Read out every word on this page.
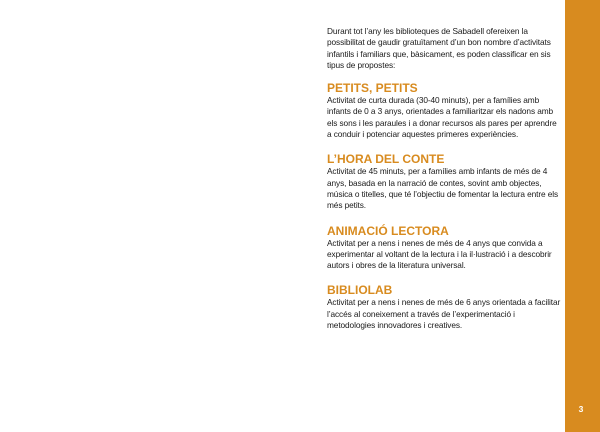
3

Durant tot l’any les biblioteques de Sabadell ofereixen la possibilitat de gaudir gratuïtament d’un bon nombre d’activitats infantils i familiars que, bàsicament, es poden classificar en sis tipus de propostes:

PETITS, PETITS

Activitat de curta durada (30-40 minuts), per a famílies amb infants de 0 a 3 anys, orientades a familiaritzar els nadons amb els sons i les paraules i a donar recursos als pares per aprendre a conduir i potenciar aquestes primeres experiències.

L’HORA DEL CONTE

Activitat de 45 minuts, per a famílies amb infants de més de 4 anys, basada en la narració de contes, sovint amb objectes, música o titelles, que té l’objectiu de fomentar la lectura entre els més petits.

ANIMACIÓ LECTORA

Activitat per a nens i nenes de més de 4 anys que convida a experimentar al voltant de la lectura i la il·lustració i a descobrir autors i obres de la literatura universal.

BIBLIOLAB

Activitat per a nens i nenes de més de 6 anys orientada a facilitar l’accés al coneixement a través de l’experimentació i metodologies innovadores i creatives.
